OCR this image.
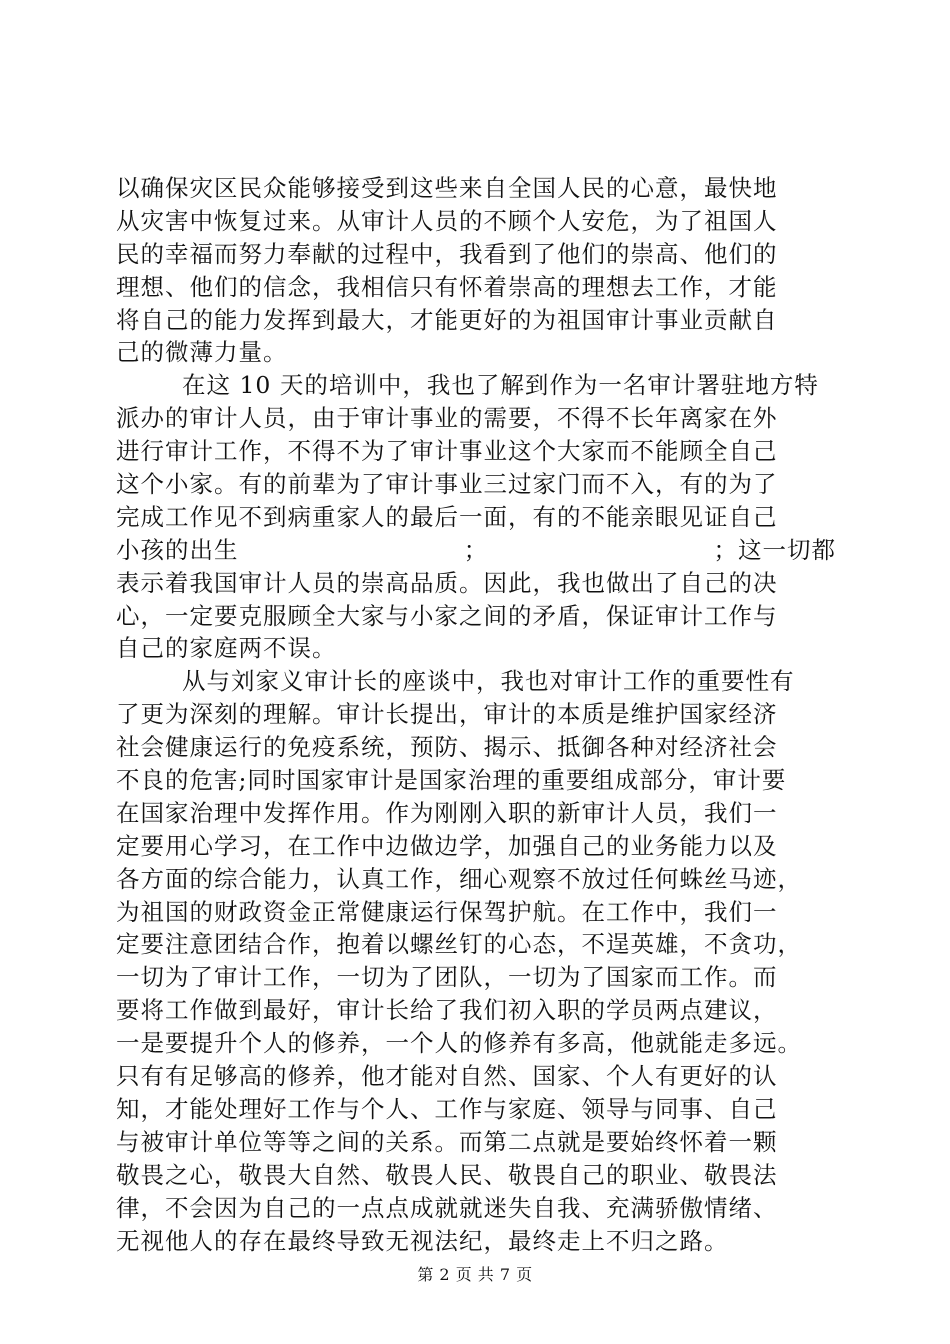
以确保灾区民众能够接受到这些来自全国人民的心意，最快地
从灾害中恢复过来。从审计人员的不顾个人安危，为了祖国人
民的幸福而努力奉献的过程中，我看到了他们的崇高、他们的
理想、他们的信念，我相信只有怀着崇高的理想去工作，才能
将自己的能力发挥到最大，才能更好的为祖国审计事业贡献自
己的微薄力量。
在这 10 天的培训中，我也了解到作为一名审计署驻地方特
派办的审计人员，由于审计事业的需要，不得不长年离家在外
进行审计工作，不得不为了审计事业这个大家而不能顾全自己
这个小家。有的前辈为了审计事业三过家门而不入，有的为了
完成工作见不到病重家人的最后一面，有的不能亲眼见证自己
小孩的出生	；	；这一切都
表示着我国审计人员的崇高品质。因此，我也做出了自己的决
心，一定要克服顾全大家与小家之间的矛盾，保证审计工作与
自己的家庭两不误。
从与刘家义审计长的座谈中，我也对审计工作的重要性有
了更为深刻的理解。审计长提出，审计的本质是维护国家经济
社会健康运行的免疫系统，预防、揭示、抵御各种对经济社会
不良的危害;同时国家审计是国家治理的重要组成部分，审计要
在国家治理中发挥作用。作为刚刚入职的新审计人员，我们一
定要用心学习，在工作中边做边学，加强自己的业务能力以及
各方面的综合能力，认真工作，细心观察不放过任何蛛丝马迹，
为祖国的财政资金正常健康运行保驾护航。在工作中，我们一
定要注意团结合作，抱着以螺丝钉的心态，不逞英雄，不贪功，
一切为了审计工作，一切为了团队，一切为了国家而工作。而
要将工作做到最好，审计长给了我们初入职的学员两点建议，
一是要提升个人的修养，一个人的修养有多高，他就能走多远。
只有有足够高的修养，他才能对自然、国家、个人有更好的认
知，才能处理好工作与个人、工作与家庭、领导与同事、自己
与被审计单位等等之间的关系。而第二点就是要始终怀着一颗
敬畏之心，敬畏大自然、敬畏人民、敬畏自己的职业、敬畏法
律，不会因为自己的一点点成就就迷失自我、充满骄傲情绪、
无视他人的存在最终导致无视法纪，最终走上不归之路。
第 2 页 共 7 页
